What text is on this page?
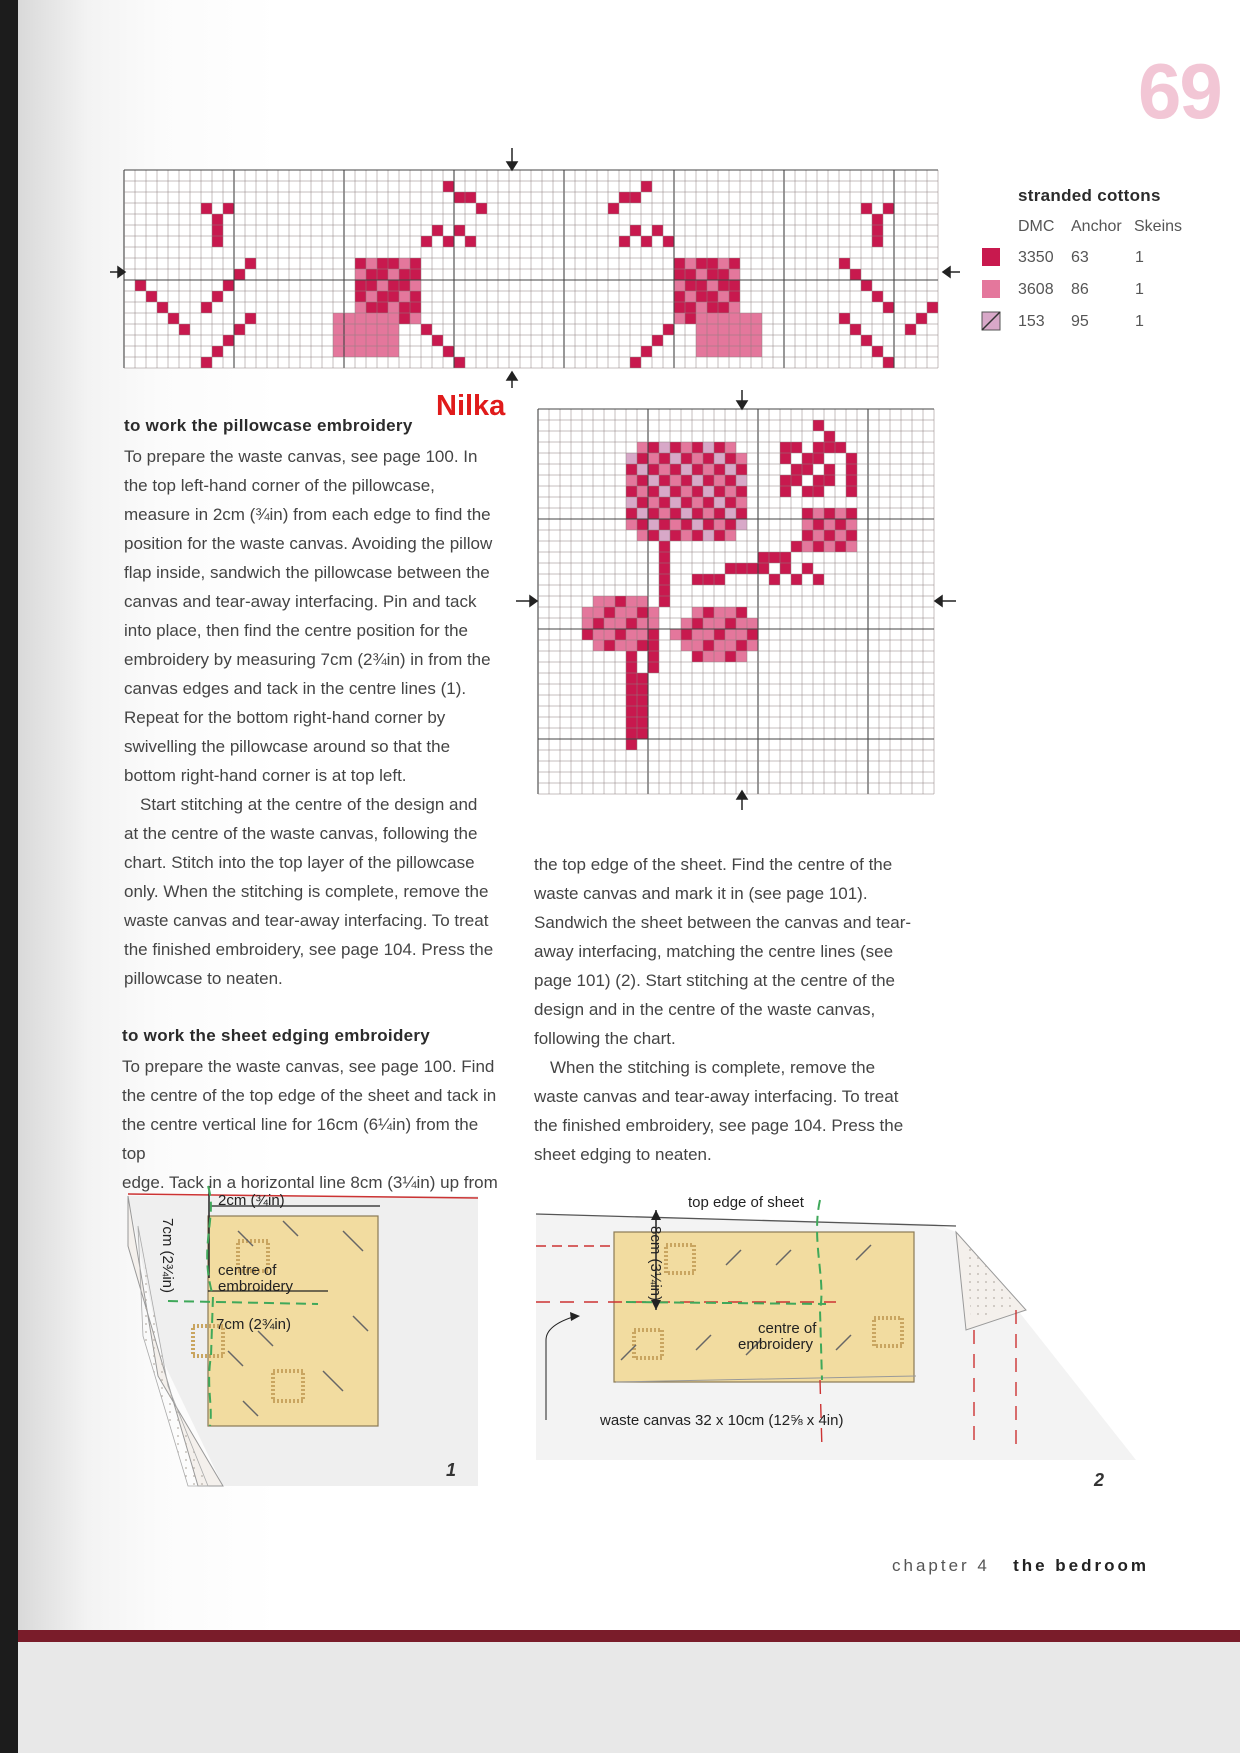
69
Nilka
stranded cottons
DMC Anchor Skeins
3350 63	1
3608 86	1
153 95	1
to work the pillowcase embroidery
To prepare the waste canvas, see page 100. In
the top left-hand corner of the pillowcase,
measure in 2cm (¾in) from each edge to find the
position for the waste canvas. Avoiding the pillow
flap inside, sandwich the pillowcase between the
canvas and tear-away interfacing. Pin and tack
into place, then find the centre position for the
embroidery by measuring 7cm (2¾in) in from the
canvas edges and tack in the centre lines (1).
Repeat for the bottom right-hand corner by
swivelling the pillowcase around so that the
bottom right-hand corner is at top left.
Start stitching at the centre of the design and
at the centre of the waste canvas, following the
chart. Stitch into the top layer of the pillowcase
only. When the stitching is complete, remove the
waste canvas and tear-away interfacing. To treat
the finished embroidery, see page 104. Press the
pillowcase to neaten.
to work the sheet edging embroidery
To prepare the waste canvas, see page 100. Find
the centre of the top edge of the sheet and tack in
the centre vertical line for 16cm (6¼in) from the top
edge. Tack in a horizontal line 8cm (3¼in) up from
the top edge of the sheet. Find the centre of the
waste canvas and mark it in (see page 101).
Sandwich the sheet between the canvas and tear-
away interfacing, matching the centre lines (see
page 101) (2). Start stitching at the centre of the
design and in the centre of the waste canvas,
following the chart.
When the stitching is complete, remove the
waste canvas and tear-away interfacing. To treat
the finished embroidery, see page 104. Press the
sheet edging to neaten.
2cm (¾in)
7cm (2¾in)	centre of
embroidery
7cm (2¾in)
1
top edge of sheet
8cm (3¼in)
centre of
embroidery
waste canvas 32 x 10cm (12⅝ x 4in)
2
chapter 4 the bedroom
